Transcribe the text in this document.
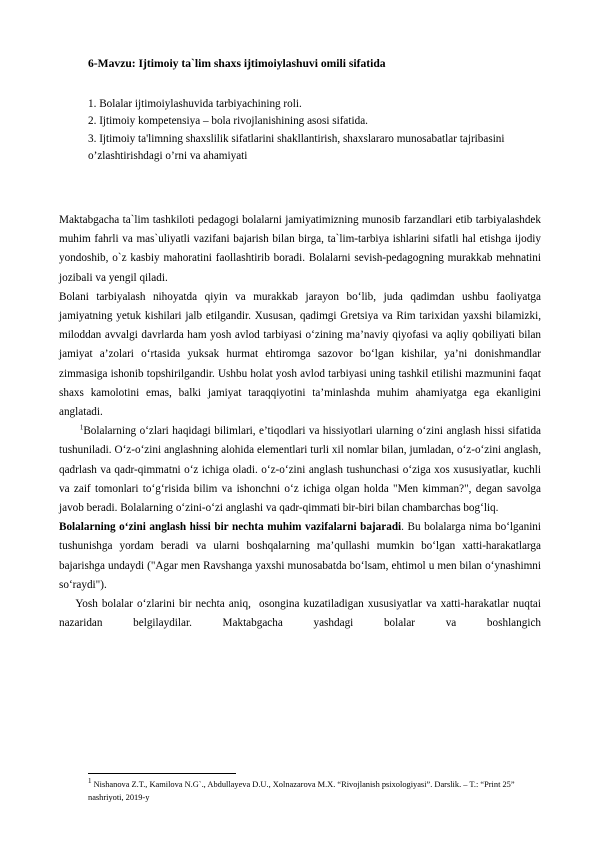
6-Mavzu: Ijtimoiy ta`lim shaxs ijtimoiylashuvi omili sifatida
1. Bolalar ijtimoiylashuvida tarbiyachining roli.
2. Ijtimoiy kompetensiya – bola rivojlanishining asosi sifatida.
3. Ijtimoiy ta'limning shaxslilik sifatlarini shakllantirish, shaxslararo munosabatlar tajribasini o’zlashtirishdagi o’rni va ahamiyati

Maktabgacha ta`lim tashkiloti pedagogi bolalarni jamiyatimizning munosib farzandlari etib tarbiyalashdek muhim fahrli va mas`uliyatli vazifani bajarish bilan birga, ta`lim-tarbiya ishlarini sifatli hal etishga ijodiy yondoshib, o`z kasbiy mahoratini faollashtirib boradi. Bolalarni sevish-pedagogning murakkab mehnatini jozibali va yengil qiladi.

Bolani tarbiyalash nihoyatda qiyin va murakkab jarayon bo‘lib, juda qadimdan ushbu faoliyatga jamiyatning yetuk kishilari jalb etilgandir. Xususan, qadimgi Gretsiya va Rim tarixidan yaxshi bilamizki, miloddan avvalgi davrlarda ham yosh avlod tarbiyasi o‘zining ma’naviy qiyofasi va aqliy qobiliyati bilan jamiyat a’zolari o‘rtasida yuksak hurmat ehtiromga sazovor bo‘lgan kishilar, ya’ni donishmandlar zimmasiga ishonib topshirilgandir. Ushbu holat yosh avlod tarbiyasi uning tashkil etilishi mazmunini faqat shaxs kamolotini emas, balki jamiyat taraqqiyotini ta’minlashda muhim ahamiyatga ega ekanligini anglatadi.

$^1$Bolalarning o‘zlari haqidagi bilimlari, e’tiqodlari va hissiyotlari ularning o‘zini anglash hissi sifatida tushuniladi. O‘z-o‘zini anglashning alohida elementlari turli xil nomlar bilan, jumladan, o‘z-o‘zini anglash, qadrlash va qadr-qimmatni o‘z ichiga oladi. o‘z-o‘zini anglash tushunchasi o‘ziga xos xususiyatlar, kuchli va zaif tomonlari to‘g‘risida bilim va ishonchni o‘z ichiga olgan holda "Men kimman?", degan savolga javob beradi. Bolalarning o‘zini-o‘zi anglashi va qadr-qimmati bir-biri bilan chambarchas bog‘liq.

Bolalarning o‘zini anglash hissi bir nechta muhim vazifalarni bajaradi. Bu bolalarga nima bo‘lganini tushunishga yordam beradi va ularni boshqalarning ma’qullashi mumkin bo‘lgan xatti-harakatlarga bajarishga undaydi ("Agar men Ravshanga yaxshi munosabatda bo‘lsam, ehtimol u men bilan o‘ynashimni so‘raydi").

Yosh bolalar o‘zlarini bir nechta aniq,  osongina kuzatiladigan xususiyatlar va xatti-harakatlar nuqtai nazaridan belgilaydilar. Maktabgacha yashdagi bolalar va boshlangich

$^1$ Nishanova Z.T., Kamilova N.G`., Abdullayeva D.U., Xolnazarova M.X. “Rivojlanish psixologiyasi”. Darslik. – T.: “Print 25” nashriyoti, 2019-y
